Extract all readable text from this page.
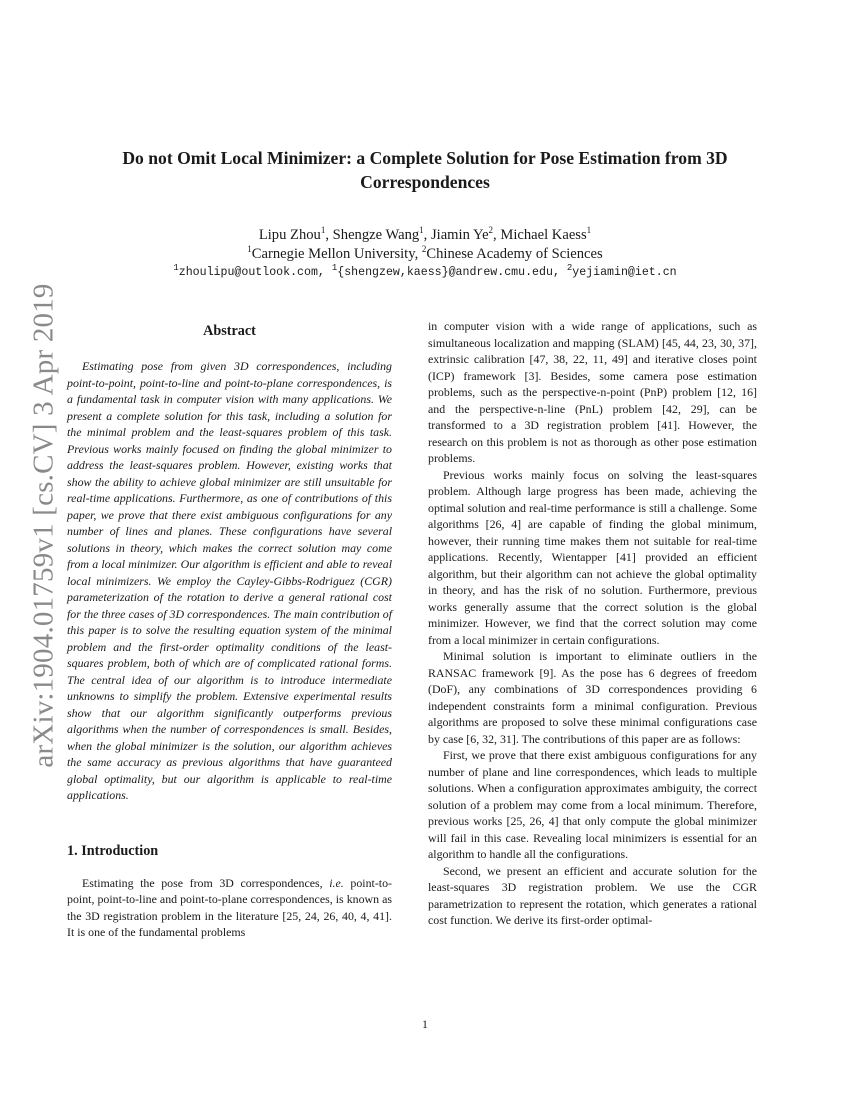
arXiv:1904.01759v1 [cs.CV] 3 Apr 2019
Do not Omit Local Minimizer: a Complete Solution for Pose Estimation from 3D Correspondences
Lipu Zhou$^1$, Shengze Wang$^1$, Jiamin Ye$^2$, Michael Kaess$^1$
$^1$Carnegie Mellon University, $^2$Chinese Academy of Sciences
$^1$zhoulipu@outlook.com, $^1${shengzew,kaess}@andrew.cmu.edu, $^2$yejiamin@iet.cn
Abstract

Estimating pose from given 3D correspondences, including point-to-point, point-to-line and point-to-plane correspondences, is a fundamental task in computer vision with many applications. We present a complete solution for this task, including a solution for the minimal problem and the least-squares problem of this task. Previous works mainly focused on finding the global minimizer to address the least-squares problem. However, existing works that show the ability to achieve global minimizer are still unsuitable for real-time applications. Furthermore, as one of contributions of this paper, we prove that there exist ambiguous configurations for any number of lines and planes. These configurations have several solutions in theory, which makes the correct solution may come from a local minimizer. Our algorithm is efficient and able to reveal local minimizers. We employ the Cayley-Gibbs-Rodriguez (CGR) parameterization of the rotation to derive a general rational cost for the three cases of 3D correspondences. The main contribution of this paper is to solve the resulting equation system of the minimal problem and the first-order optimality conditions of the least-squares problem, both of which are of complicated rational forms. The central idea of our algorithm is to introduce intermediate unknowns to simplify the problem. Extensive experimental results show that our algorithm significantly outperforms previous algorithms when the number of correspondences is small. Besides, when the global minimizer is the solution, our algorithm achieves the same accuracy as previous algorithms that have guaranteed global optimality, but our algorithm is applicable to real-time applications.

1. Introduction

Estimating the pose from 3D correspondences, i.e. point-to-point, point-to-line and point-to-plane correspondences, is known as the 3D registration problem in the literature [25, 24, 26, 40, 4, 41]. It is one of the fundamental problems

in computer vision with a wide range of applications, such as simultaneous localization and mapping (SLAM) [45, 44, 23, 30, 37], extrinsic calibration [47, 38, 22, 11, 49] and iterative closes point (ICP) framework [3]. Besides, some camera pose estimation problems, such as the perspective-n-point (PnP) problem [12, 16] and the perspective-n-line (PnL) problem [42, 29], can be transformed to a 3D registration problem [41]. However, the research on this problem is not as thorough as other pose estimation problems.

Previous works mainly focus on solving the least-squares problem. Although large progress has been made, achieving the optimal solution and real-time performance is still a challenge. Some algorithms [26, 4] are capable of finding the global minimum, however, their running time makes them not suitable for real-time applications. Recently, Wientapper [41] provided an efficient algorithm, but their algorithm can not achieve the global optimality in theory, and has the risk of no solution. Furthermore, previous works generally assume that the correct solution is the global minimizer. However, we find that the correct solution may come from a local minimizer in certain configurations.

Minimal solution is important to eliminate outliers in the RANSAC framework [9]. As the pose has 6 degrees of freedom (DoF), any combinations of 3D correspondences providing 6 independent constraints form a minimal configuration. Previous algorithms are proposed to solve these minimal configurations case by case [6, 32, 31]. The contributions of this paper are as follows:

First, we prove that there exist ambiguous configurations for any number of plane and line correspondences, which leads to multiple solutions. When a configuration approximates ambiguity, the correct solution of a problem may come from a local minimum. Therefore, previous works [25, 26, 4] that only compute the global minimizer will fail in this case. Revealing local minimizers is essential for an algorithm to handle all the configurations.

Second, we present an efficient and accurate solution for the least-squares 3D registration problem. We use the CGR parametrization to represent the rotation, which generates a rational cost function. We derive its first-order optimal-

1
